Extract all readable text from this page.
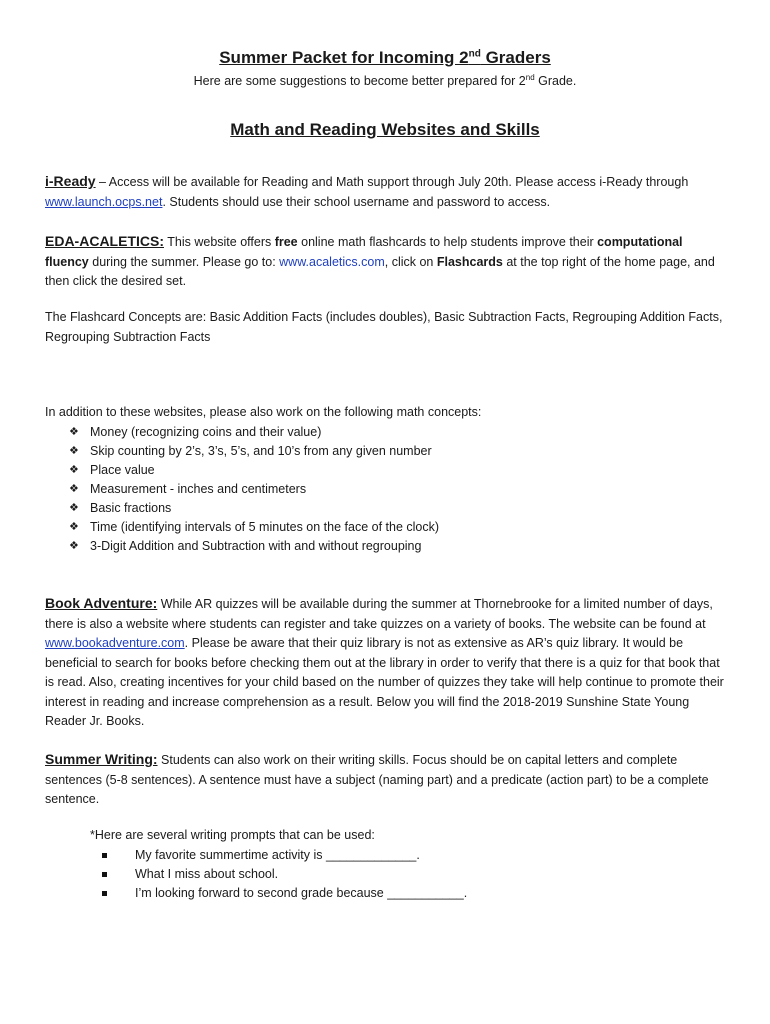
Summer Packet for Incoming 2nd Graders
Here are some suggestions to become better prepared for 2nd Grade.
Math and Reading Websites and Skills
i-Ready – Access will be available for Reading and Math support through July 20th. Please access i-Ready through www.launch.ocps.net. Students should use their school username and password to access.
EDA-ACALETICS: This website offers free online math flashcards to help students improve their computational fluency during the summer. Please go to: www.acaletics.com, click on Flashcards at the top right of the home page, and then click the desired set.
The Flashcard Concepts are: Basic Addition Facts (includes doubles), Basic Subtraction Facts, Regrouping Addition Facts, Regrouping Subtraction Facts
In addition to these websites, please also work on the following math concepts:
❖ Money (recognizing coins and their value)
❖ Skip counting by 2’s, 3’s, 5’s, and 10’s from any given number
❖ Place value
❖ Measurement - inches and centimeters
❖ Basic fractions
❖ Time (identifying intervals of 5 minutes on the face of the clock)
❖ 3-Digit Addition and Subtraction with and without regrouping
Book Adventure: While AR quizzes will be available during the summer at Thornebrooke for a limited number of days, there is also a website where students can register and take quizzes on a variety of books. The website can be found at www.bookadventure.com. Please be aware that their quiz library is not as extensive as AR’s quiz library. It would be beneficial to search for books before checking them out at the library in order to verify that there is a quiz for that book that is read. Also, creating incentives for your child based on the number of quizzes they take will help continue to promote their interest in reading and increase comprehension as a result. Below you will find the 2018-2019 Sunshine State Young Reader Jr. Books.
Summer Writing: Students can also work on their writing skills. Focus should be on capital letters and complete sentences (5-8 sentences). A sentence must have a subject (naming part) and a predicate (action part) to be a complete sentence.
*Here are several writing prompts that can be used:
My favorite summertime activity is _____________.
What I miss about school.
I’m looking forward to second grade because ___________.
